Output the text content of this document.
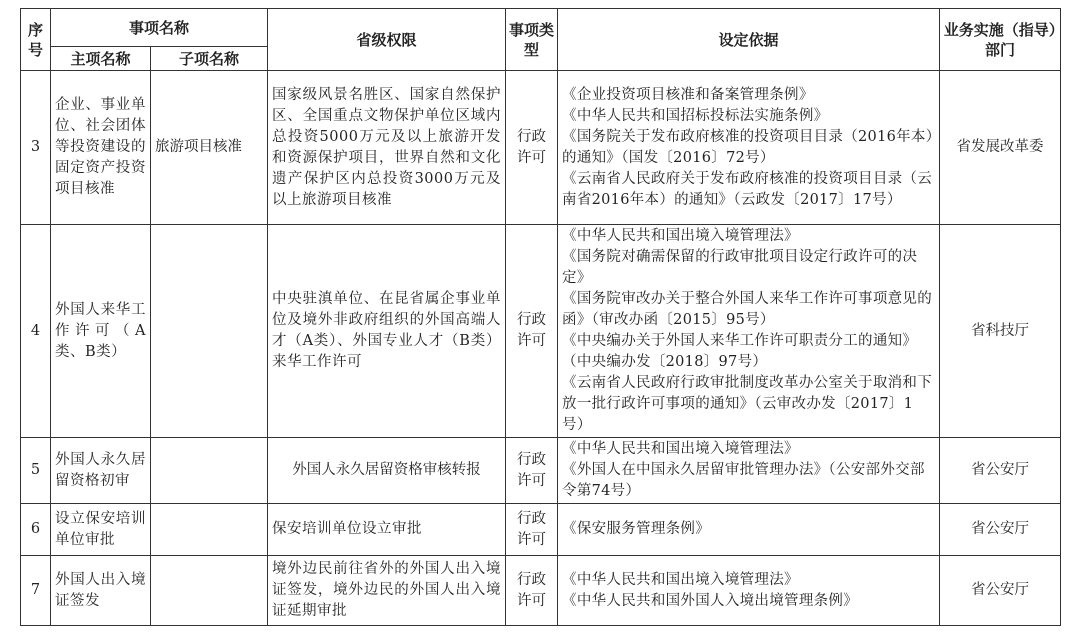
序号	事项名称		省级权限	事项类型	设定依据	业务实施（指导）部门
	主项名称	子项名称				
3	企业、事业单位、社会团体等投资建设的固定资产投资项目核准	旅游项目核准	国家级风景名胜区、国家自然保护区、全国重点文物保护单位区域内总投资5000万元及以上旅游开发和资源保护项目，世界自然和文化遗产保护区内总投资3000万元及以上旅游项目核准	行政许可	《企业投资项目核准和备案管理条例》
《中华人民共和国招标投标法实施条例》
《国务院关于发布政府核准的投资项目目录（2016年本）的通知》（国发〔2016〕72号）
《云南省人民政府关于发布政府核准的投资项目目录（云南省2016年本）的通知》（云政发〔2017〕17号）	省发展改革委
4	外国人来华工作许可（A类、B类）		中央驻滇单位、在昆省属企事业单位及境外非政府组织的外国高端人才（A类）、外国专业人才（B类）来华工作许可	行政许可	《中华人民共和国出境入境管理法》
《国务院对确需保留的行政审批项目设定行政许可的决定》
《国务院审改办关于整合外国人来华工作许可事项意见的函》（审改办函〔2015〕95号）
《中央编办关于外国人来华工作许可职责分工的通知》（中央编办发〔2018〕97号）
《云南省人民政府行政审批制度改革办公室关于取消和下放一批行政许可事项的通知》（云审改办发〔2017〕1号）	省科技厅
5	外国人永久居留资格初审		外国人永久居留资格审核转报	行政许可	《中华人民共和国出境入境管理法》
《外国人在中国永久居留审批管理办法》（公安部外交部令第74号）	省公安厅
6	设立保安培训单位审批		保安培训单位设立审批	行政许可	《保安服务管理条例》	省公安厅
7	外国人出入境证签发		境外边民前往省外的外国人出入境证签发，境外边民的外国人出入境证延期审批	行政许可	《中华人民共和国出境入境管理法》
《中华人民共和国外国人入境出境管理条例》	省公安厅
